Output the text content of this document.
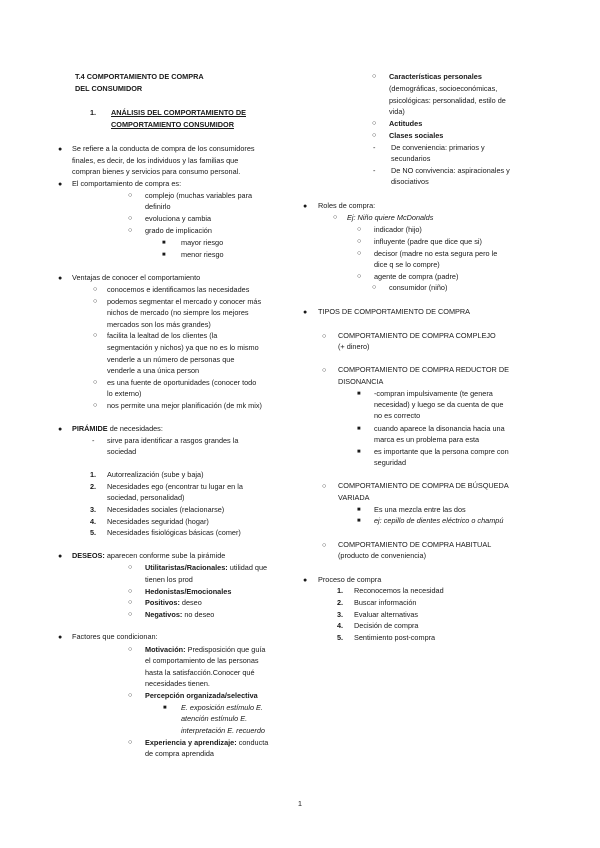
T.4 COMPORTAMIENTO DE COMPRA
DEL CONSUMIDOR
1. ANÁLISIS DEL COMPORTAMIENTO DE
COMPORTAMIENTO CONSUMIDOR
● Se refiere a la conducta de compra de los consumidores
finales, es decir, de los individuos y las familias que
compran bienes y servicios para consumo personal.
● El comportamiento de compra es:
○ complejo (muchas variables para
definirlo
○ evoluciona y cambia
○ grado de implicación
■ mayor riesgo
■ menor riesgo
● Ventajas de conocer el comportamiento
○ conocemos e identificamos las necesidades
○ podemos segmentar el mercado y conocer más
nichos de mercado (no siempre los mejores
mercados son los más grandes)
○ facilita la lealtad de los clientes (la
segmentación y nichos) ya que no es lo mismo
venderle a un número de personas que
venderle a una única person
○ es una fuente de oportunidades (conocer todo
lo externo)
○ nos permite una mejor planificación (de mk mix)
● PIRÁMIDE de necesidades:
- sirve para identificar a rasgos grandes la
sociedad
1. Autorrealización (sube y baja)
2. Necesidades ego (encontrar tu lugar en la
sociedad, personalidad)
3. Necesidades sociales (relacionarse)
4. Necesidades seguridad (hogar)
5. Necesidades fisiológicas básicas (comer)
● DESEOS: aparecen conforme sube la pirámide
○ Utilitaristas/Racionales: utilidad que
tienen los prod
○ Hedonistas/Emocionales
○ Positivos: deseo
○ Negativos: no deseo
● Factores que condicionan:
○ Motivación: Predisposición que guía
el comportamiento de las personas
hasta la satisfacción.Conocer qué
necesidades tienen.
○ Percepción organizada/selectiva
■ E. exposición estímulo E.
atención estímulo E.
interpretación E. recuerdo
○ Experiencia y aprendizaje: conducta
de compra aprendida
○ Características personales
(demográficas, socioeconómicas,
psicológicas: personalidad, estilo de
vida)
○ Actitudes
○ Clases sociales
- De conveniencia: primarios y
secundarios
- De NO convivencia: aspiracionales y
disociativos
● Roles de compra:
○ Ej: Niño quiere McDonalds
○ indicador (hijo)
○ influyente (padre que dice que si)
○ decisor (madre no esta segura pero le
dice q se lo compre)
○ agente de compra (padre)
○ consumidor (niño)
● TIPOS DE COMPORTAMIENTO DE COMPRA
○ COMPORTAMIENTO DE COMPRA COMPLEJO
(+ dinero)
○ COMPORTAMIENTO DE COMPRA REDUCTOR DE
DISONANCIA
■ -compran impulsivamente (te genera
necesidad) y luego se da cuenta de que
no es correcto
■ cuando aparece la disonancia hacia una
marca es un problema para esta
■ es importante que la persona compre con
seguridad
○ COMPORTAMIENTO DE COMPRA DE BÚSQUEDA
VARIADA
■ Es una mezcla entre las dos
■ ej: cepillo de dientes eléctrico o champú
○ COMPORTAMIENTO DE COMPRA HABITUAL
(producto de conveniencia)
● Proceso de compra
1. Reconocemos la necesidad
2. Buscar información
3. Evaluar alternativas
4. Decisión de compra
5. Sentimiento post-compra
1
